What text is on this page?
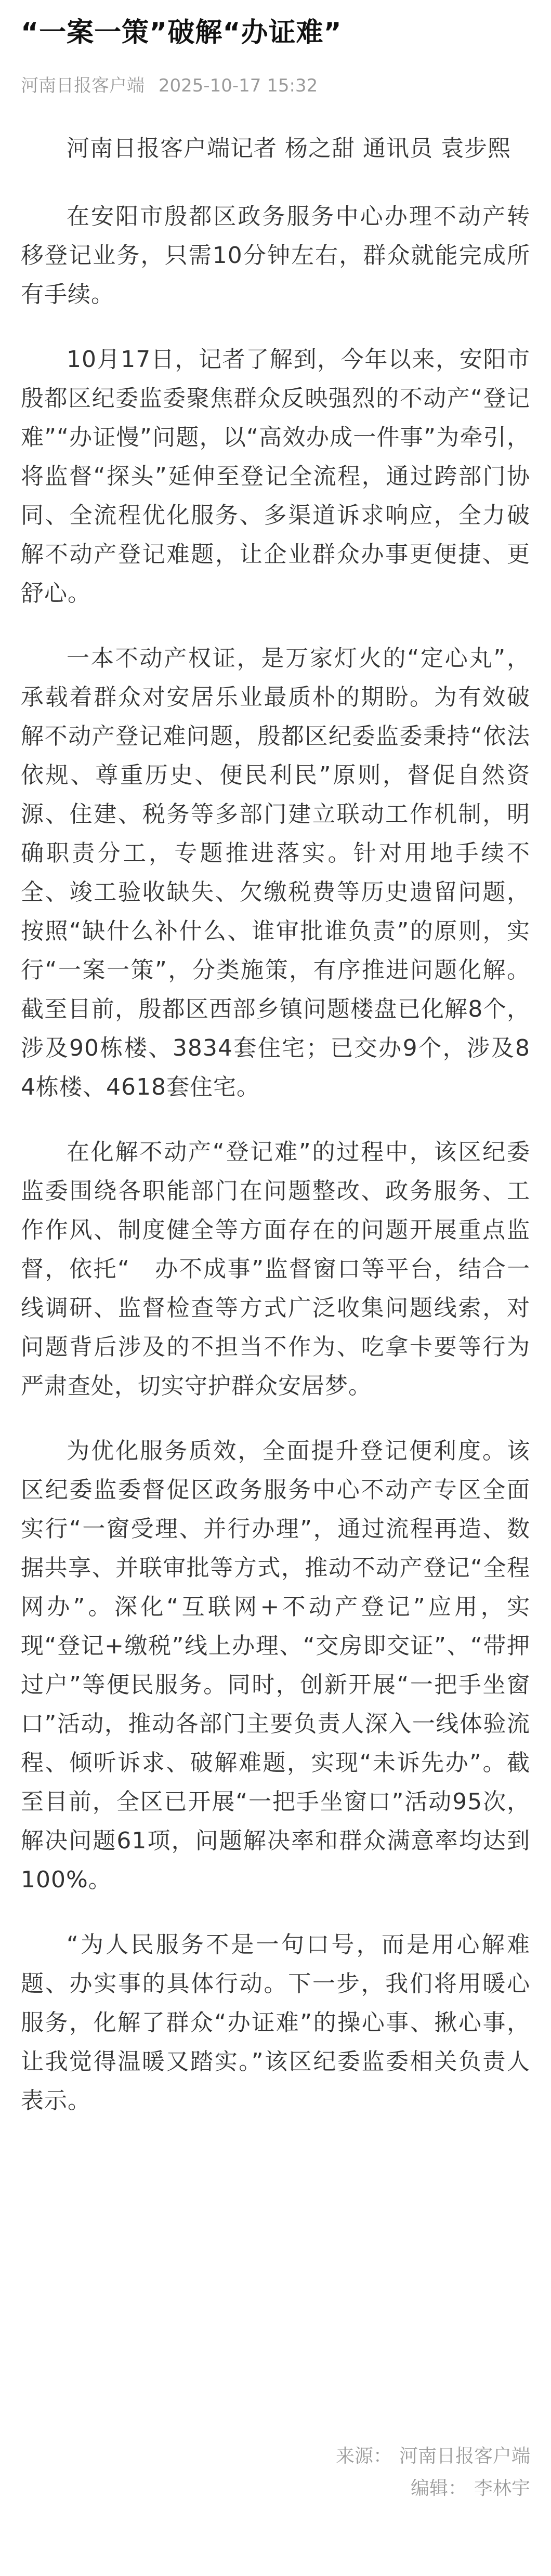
“一案一策”破解“办证难”
河南日报客户端 2025-10-17 15:32

河南日报客户端记者 杨之甜 通讯员 袁步熙

在安阳市殷都区政务服务中心办理不动产转移登记业务，只需10分钟左右，群众就能完成所有手续。

10月17日，记者了解到，今年以来，安阳市殷都区纪委监委聚焦群众反映强烈的不动产“登记难”“办证慢”问题，以“高效办成一件事”为牵引，将监督“探头”延伸至登记全流程，通过跨部门协同、全流程优化服务、多渠道诉求响应，全力破解不动产登记难题，让企业群众办事更便捷、更舒心。

一本不动产权证，是万家灯火的“定心丸”，承载着群众对安居乐业最质朴的期盼。为有效破解不动产登记难问题，殷都区纪委监委秉持“依法依规、尊重历史、便民利民”原则，督促自然资源、住建、税务等多部门建立联动工作机制，明确职责分工，专题推进落实。针对用地手续不全、竣工验收缺失、欠缴税费等历史遗留问题，按照“缺什么补什么、谁审批谁负责”的原则，实行“一案一策”，分类施策，有序推进问题化解。截至目前，殷都区西部乡镇问题楼盘已化解8个，涉及90栋楼、3834套住宅；已交办9个，涉及84栋楼、4618套住宅。

在化解不动产“登记难”的过程中，该区纪委监委围绕各职能部门在问题整改、政务服务、工作作风、制度健全等方面存在的问题开展重点监督，依托“　办不成事”监督窗口等平台，结合一线调研、监督检查等方式广泛收集问题线索，对问题背后涉及的不担当不作为、吃拿卡要等行为严肃查处，切实守护群众安居梦。

为优化服务质效，全面提升登记便利度。该区纪委监委督促区政务服务中心不动产专区全面实行“一窗受理、并行办理”，通过流程再造、数据共享、并联审批等方式，推动不动产登记“全程网办”。深化“互联网+不动产登记”应用，实现“登记+缴税”线上办理、“交房即交证”、“带押过户”等便民服务。同时，创新开展“一把手坐窗口”活动，推动各部门主要负责人深入一线体验流程、倾听诉求、破解难题，实现“未诉先办”。截至目前，全区已开展“一把手坐窗口”活动95次，解决问题61项，问题解决率和群众满意率均达到100%。

“为人民服务不是一句口号，而是用心解难题、办实事的具体行动。下一步，我们将用暖心服务，化解了群众“办证难”的操心事、揪心事，让我觉得温暖又踏实。”该区纪委监委相关负责人表示。

来源： 河南日报客户端
编辑： 李林宇
